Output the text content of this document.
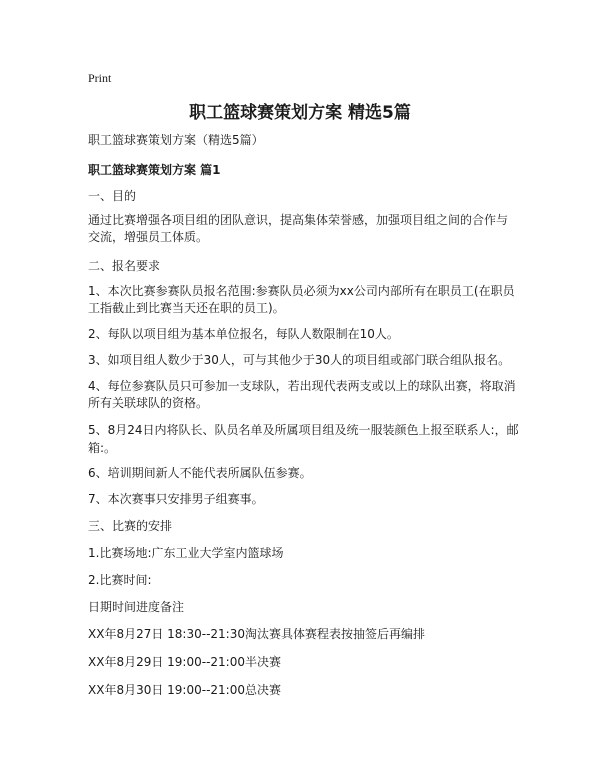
Print
职工篮球赛策划方案 精选5篇
职工篮球赛策划方案（精选5篇）
职工篮球赛策划方案 篇1
一、目的
通过比赛增强各项目组的团队意识，提高集体荣誉感，加强项目组之间的合作与交流，增强员工体质。
二、报名要求
1、本次比赛参赛队员报名范围:参赛队员必须为xx公司内部所有在职员工(在职员工指截止到比赛当天还在职的员工)。
2、每队以项目组为基本单位报名，每队人数限制在10人。
3、如项目组人数少于30人，可与其他少于30人的项目组或部门联合组队报名。
4、每位参赛队员只可参加一支球队，若出现代表两支或以上的球队出赛，将取消所有关联球队的资格。
5、8月24日内将队长、队员名单及所属项目组及统一服装颜色上报至联系人:，邮
箱:。
6、培训期间新人不能代表所属队伍参赛。
7、本次赛事只安排男子组赛事。
三、比赛的安排
1.比赛场地:广东工业大学室内篮球场
2.比赛时间:
日期时间进度备注
XX年8月27日 18:30--21:30淘汰赛具体赛程表按抽签后再编排
XX年8月29日 19:00--21:00半决赛
XX年8月30日 19:00--21:00总决赛
